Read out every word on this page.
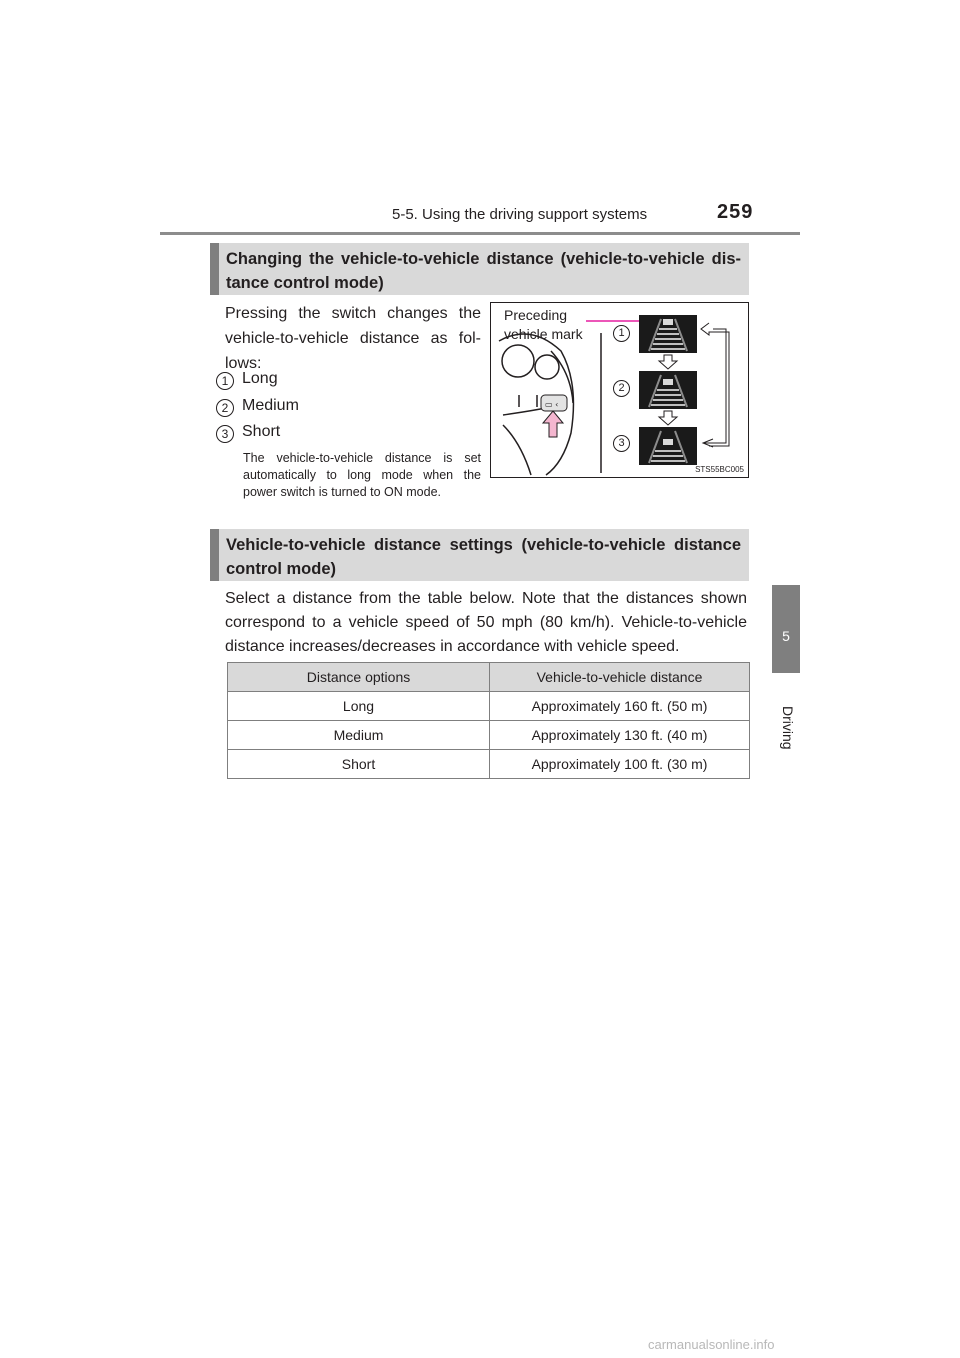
5-5. Using the driving support systems	259
5
Driving
Changing the vehicle-to-vehicle distance (vehicle-to-vehicle dis-tance control mode)
Pressing the switch changes the vehicle-to-vehicle distance as fol-lows:
1 Long
2 Medium
3 Short
The vehicle-to-vehicle distance is set automatically to long mode when the power switch is turned to ON mode.
▭ ‹
Preceding vehicle mark	1
2
3
STS55BC005
Vehicle-to-vehicle distance settings (vehicle-to-vehicle distance control mode)
Select a distance from the table below. Note that the distances shown correspond to a vehicle speed of 50 mph (80 km/h). Vehicle-to-vehicle distance increases/decreases in accordance with vehicle speed.
Distance options	Vehicle-to-vehicle distance
Long	Approximately 160 ft. (50 m)
Medium	Approximately 130 ft. (40 m)
Short	Approximately 100 ft. (30 m)
carmanualsonline.info
